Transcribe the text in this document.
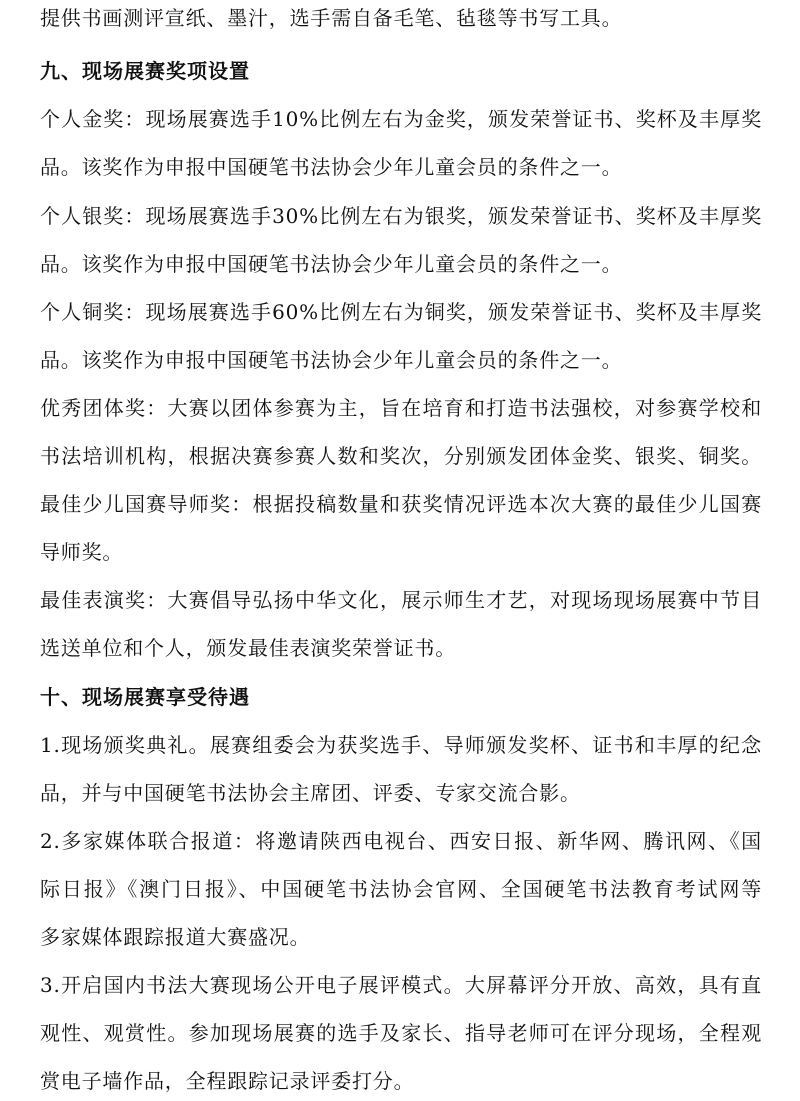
提供书画测评宣纸、墨汁，选手需自备毛笔、毡毯等书写工具。
九、现场展赛奖项设置
个人金奖：现场展赛选手10%比例左右为金奖，颁发荣誉证书、奖杯及丰厚奖
品。该奖作为申报中国硬笔书法协会少年儿童会员的条件之一。
个人银奖：现场展赛选手30%比例左右为银奖，颁发荣誉证书、奖杯及丰厚奖
品。该奖作为申报中国硬笔书法协会少年儿童会员的条件之一。
个人铜奖：现场展赛选手60%比例左右为铜奖，颁发荣誉证书、奖杯及丰厚奖
品。该奖作为申报中国硬笔书法协会少年儿童会员的条件之一。
优秀团体奖：大赛以团体参赛为主，旨在培育和打造书法强校，对参赛学校和
书法培训机构，根据决赛参赛人数和奖次，分别颁发团体金奖、银奖、铜奖。
最佳少儿国赛导师奖：根据投稿数量和获奖情况评选本次大赛的最佳少儿国赛
导师奖。
最佳表演奖：大赛倡导弘扬中华文化，展示师生才艺，对现场现场展赛中节目
选送单位和个人，颁发最佳表演奖荣誉证书。
十、现场展赛享受待遇
1.现场颁奖典礼。展赛组委会为获奖选手、导师颁发奖杯、证书和丰厚的纪念
品，并与中国硬笔书法协会主席团、评委、专家交流合影。
2.多家媒体联合报道：将邀请陕西电视台、西安日报、新华网、腾讯网、《国
际日报》《澳门日报》、中国硬笔书法协会官网、全国硬笔书法教育考试网等
多家媒体跟踪报道大赛盛况。
3.开启国内书法大赛现场公开电子展评模式。大屏幕评分开放、高效，具有直
观性、观赏性。参加现场展赛的选手及家长、指导老师可在评分现场，全程观
赏电子墙作品，全程跟踪记录评委打分。
